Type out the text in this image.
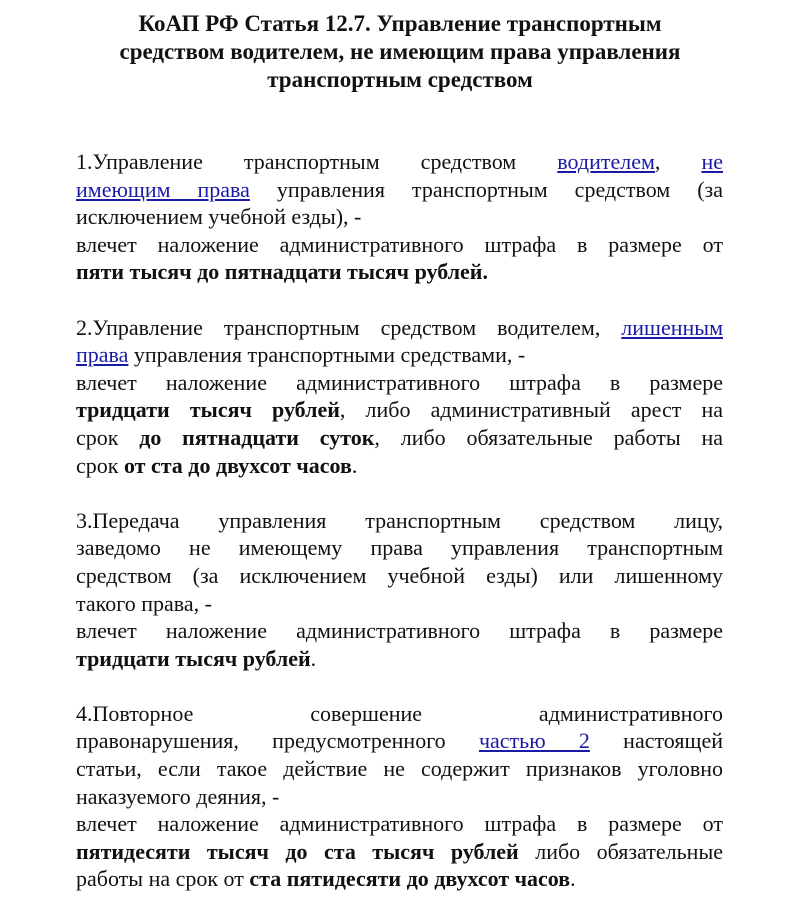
КоАП РФ Статья 12.7. Управление транспортным
средством водителем, не имеющим права управления
транспортным средством
1.Управление транспортным средством водителем, не
имеющим права управления транспортным средством (за
исключением учебной езды), -
влечет наложение административного штрафа в размере от
пяти тысяч до пятнадцати тысяч рублей.
2.Управление транспортным средством водителем, лишенным
права управления транспортными средствами, -
влечет наложение административного штрафа в размере
тридцати тысяч рублей, либо административный арест на
срок до пятнадцати суток, либо обязательные работы на
срок от ста до двухсот часов.
3.Передача управления транспортным средством лицу,
заведомо не имеющему права управления транспортным
средством (за исключением учебной езды) или лишенному
такого права, -
влечет наложение административного штрафа в размере
тридцати тысяч рублей.
4.Повторное совершение административного
правонарушения, предусмотренного частью 2 настоящей
статьи, если такое действие не содержит признаков уголовно
наказуемого деяния, -
влечет наложение административного штрафа в размере от
пятидесяти тысяч до ста тысяч рублей либо обязательные
работы на срок от ста пятидесяти до двухсот часов.
